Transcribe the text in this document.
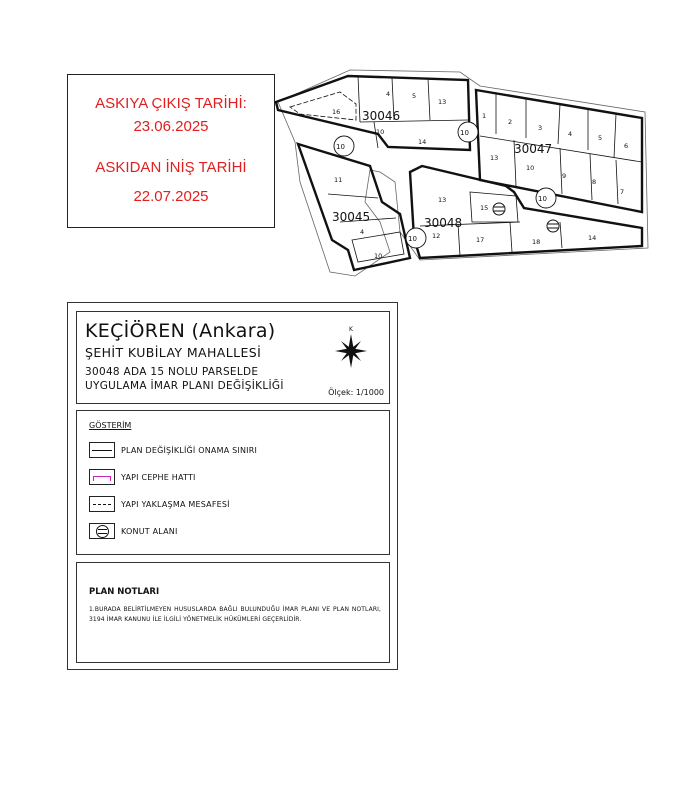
ASKIYA ÇIKIŞ TARİHİ:
23.06.2025
ASKIDAN İNİŞ TARİHİ
22.07.2025
16
4	5
13
10
14
1
2
3
4	5
6
13
10
9
8
7
11
4
10
13
15
12	17	18	14
30046
30047
30045	30048
10
10
10
10
KEÇİÖREN (Ankara)
ŞEHİT KUBİLAY MAHALLESİ
30048 ADA 15 NOLU PARSELDE
UYGULAMA İMAR PLANI DEĞİŞİKLİĞİ
K
Ölçek: 1/1000
GÖSTERİM
PLAN DEĞİŞİKLİĞİ ONAMA SINIRI
YAPI CEPHE HATTI
YAPI YAKLAŞMA MESAFESİ
KONUT ALANI
PLAN NOTLARI
1.BURADA BELİRTİLMEYEN HUSUSLARDA BAĞLI BULUNDUĞU İMAR PLANI VE PLAN NOTLARI, 3194 İMAR KANUNU İLE İLGİLİ YÖNETMELİK HÜKÜMLERİ GEÇERLİDİR.
